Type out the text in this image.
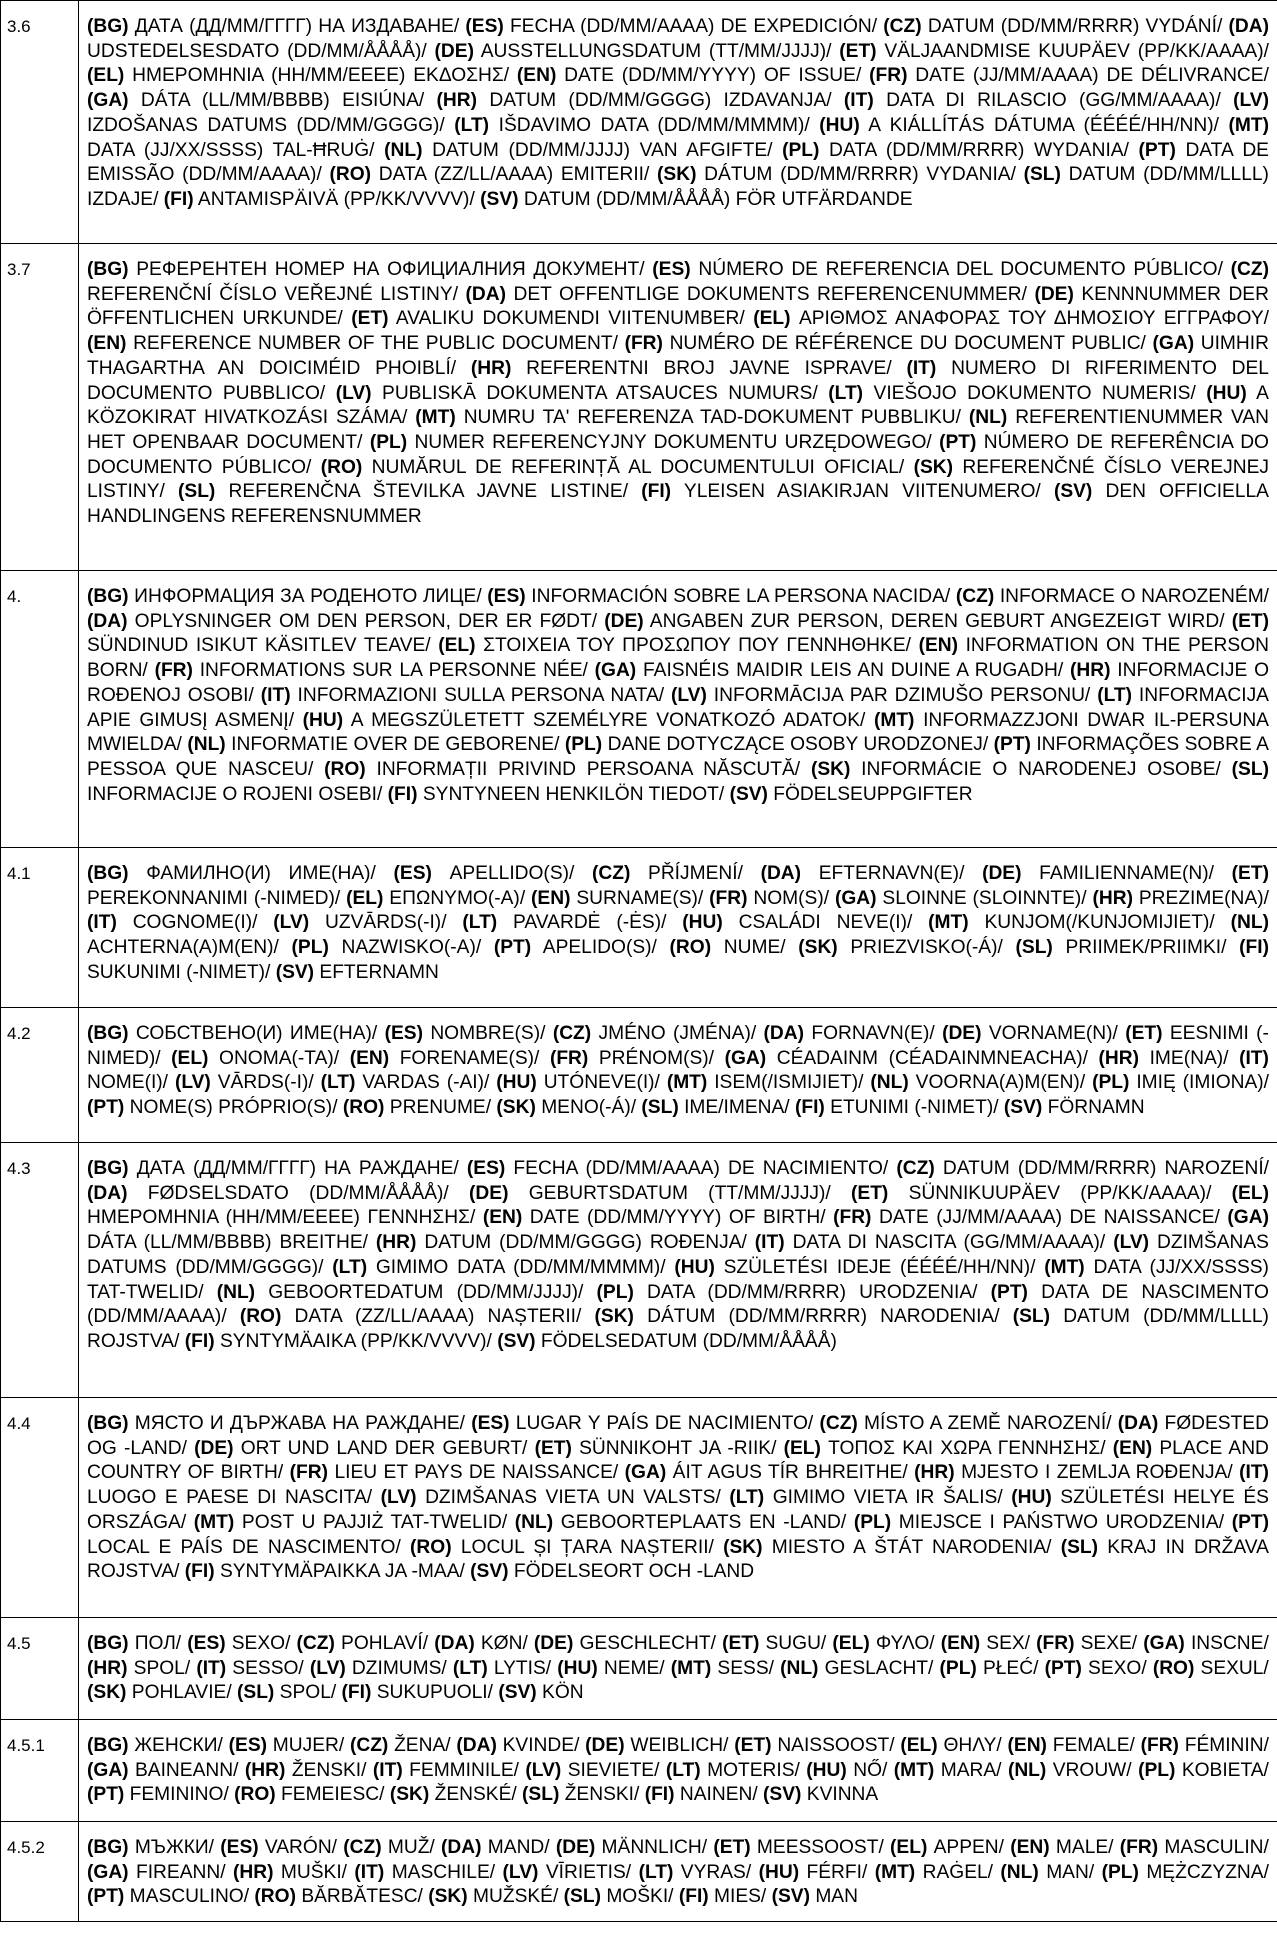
3.6	(BG) ДАТА (ДД/ММ/ГГГГ) НА ИЗДАВАНЕ/ (ES) FECHA (DD/MM/AAAA) DE EXPEDICIÓN/ (CZ) DATUM (DD/MM/RRRR) VYDÁNÍ/ (DA) UDSTEDELSESDATO (DD/MM/ÅÅÅÅ)/ (DE) AUSSTELLUNGSDATUM (TT/MM/JJJJ)/ (ET) VÄLJAANDMISE KUUPÄEV (PP/KK/AAAA)/ (EL) ΗΜΕΡΟΜΗΝΙΑ (ΗΗ/ΜΜ/ΕΕΕΕ) ΕΚΔΟΣΗΣ/ (EN) DATE (DD/MM/YYYY) OF ISSUE/ (FR) DATE (JJ/MM/AAAA) DE DÉLIVRANCE/ (GA) DÁTA (LL/MM/BBBB) EISIÚNA/ (HR) DATUM (DD/MM/GGGG) IZDAVANJA/ (IT) DATA DI RILASCIO (GG/MM/AAAA)/ (LV) IZDOŠANAS DATUMS (DD/MM/GGGG)/ (LT) IŠDAVIMO DATA (DD/MM/MMMM)/ (HU) A KIÁLLÍTÁS DÁTUMA (ÉÉÉÉ/HH/NN)/ (MT) DATA (JJ/XX/SSSS) TAL-ĦRUĠ/ (NL) DATUM (DD/MM/JJJJ) VAN AFGIFTE/ (PL) DATA (DD/MM/RRRR) WYDANIA/ (PT) DATA DE EMISSÃO (DD/MM/AAAA)/ (RO) DATA (ZZ/LL/AAAA) EMITERII/ (SK) DÁTUM (DD/MM/RRRR) VYDANIA/ (SL) DATUM (DD/MM/LLLL) IZDAJE/ (FI) ANTAMISPÄIVÄ (PP/KK/VVVV)/ (SV) DATUM (DD/MM/ÅÅÅÅ) FÖR UTFÄRDANDE
3.7	(BG) РЕФЕРЕНТЕН НОМЕР НА ОФИЦИАЛНИЯ ДОКУМЕНТ/ (ES) NÚMERO DE REFERENCIA DEL DOCUMENTO PÚBLICO/ (CZ) REFERENČNÍ ČÍSLO VEŘEJNÉ LISTINY/ (DA) DET OFFENTLIGE DOKUMENTS REFERENCENUMMER/ (DE) KENNNUMMER DER ÖFFENTLICHEN URKUNDE/ (ET) AVALIKU DOKUMENDI VIITENUMBER/ (EL) ΑΡΙΘΜΟΣ ΑΝΑΦΟΡΑΣ ΤΟΥ ΔΗΜΟΣΙΟΥ ΕΓΓΡΑΦΟΥ/ (EN) REFERENCE NUMBER OF THE PUBLIC DOCUMENT/ (FR) NUMÉRO DE RÉFÉRENCE DU DOCUMENT PUBLIC/ (GA) UIMHIR THAGARTHA AN DOICIMÉID PHOIBLÍ/ (HR) REFERENTNI BROJ JAVNE ISPRAVE/ (IT) NUMERO DI RIFERIMENTO DEL DOCUMENTO PUBBLICO/ (LV) PUBLISKĀ DOKUMENTA ATSAUCES NUMURS/ (LT) VIEŠOJO DOKUMENTO NUMERIS/ (HU) A KÖZOKIRAT HIVATKOZÁSI SZÁMA/ (MT) NUMRU TA' REFERENZA TAD-DOKUMENT PUBBLIKU/ (NL) REFERENTIENUMMER VAN HET OPENBAAR DOCUMENT/ (PL) NUMER REFERENCYJNY DOKUMENTU URZĘDOWEGO/ (PT) NÚMERO DE REFERÊNCIA DO DOCUMENTO PÚBLICO/ (RO) NUMĂRUL DE REFERINȚĂ AL DOCUMENTULUI OFICIAL/ (SK) REFERENČNÉ ČÍSLO VEREJNEJ LISTINY/ (SL) REFERENČNA ŠTEVILKA JAVNE LISTINE/ (FI) YLEISEN ASIAKIRJAN VIITENUMERO/ (SV) DEN OFFICIELLA HANDLINGENS REFERENSNUMMER
4.	(BG) ИНФОРМАЦИЯ ЗА РОДЕНОТО ЛИЦЕ/ (ES) INFORMACIÓN SOBRE LA PERSONA NACIDA/ (CZ) INFORMACE O NAROZENÉM/ (DA) OPLYSNINGER OM DEN PERSON, DER ER FØDT/ (DE) ANGABEN ZUR PERSON, DEREN GEBURT ANGEZEIGT WIRD/ (ET) SÜNDINUD ISIKUT KÄSITLEV TEAVE/ (EL) ΣΤΟΙΧΕΙΑ ΤΟΥ ΠΡΟΣΩΠΟΥ ΠΟΥ ΓΕΝΝΗΘΗΚΕ/ (EN) INFORMATION ON THE PERSON BORN/ (FR) INFORMATIONS SUR LA PERSONNE NÉE/ (GA) FAISNÉIS MAIDIR LEIS AN DUINE A RUGADH/ (HR) INFORMACIJE O ROĐENOJ OSOBI/ (IT) INFORMAZIONI SULLA PERSONA NATA/ (LV) INFORMĀCIJA PAR DZIMUŠO PERSONU/ (LT) INFORMACIJA APIE GIMUSĮ ASMENĮ/ (HU) A MEGSZÜLETETT SZEMÉLYRE VONATKOZÓ ADATOK/ (MT) INFORMAZZJONI DWAR IL-PERSUNA MWIELDA/ (NL) INFORMATIE OVER DE GEBORENE/ (PL) DANE DOTYCZĄCE OSOBY URODZONEJ/ (PT) INFORMAÇÕES SOBRE A PESSOA QUE NASCEU/ (RO) INFORMAȚII PRIVIND PERSOANA NĂSCUTĂ/ (SK) INFORMÁCIE O NARODENEJ OSOBE/ (SL) INFORMACIJE O ROJENI OSEBI/ (FI) SYNTYNEEN HENKILÖN TIEDOT/ (SV) FÖDELSEUPPGIFTER
4.1	(BG) ФАМИЛНО(И) ИМЕ(НА)/ (ES) APELLIDO(S)/ (CZ) PŘÍJMENÍ/ (DA) EFTERNAVN(E)/ (DE) FAMILIENNAME(N)/ (ET) PEREKONNANIMI (-NIMED)/ (EL) ΕΠΩΝΥΜΟ(-Α)/ (EN) SURNAME(S)/ (FR) NOM(S)/ (GA) SLOINNE (SLOINNTE)/ (HR) PREZIME(NA)/ (IT) COGNOME(I)/ (LV) UZVĀRDS(-I)/ (LT) PAVARDĖ (-ĖS)/ (HU) CSALÁDI NEVE(I)/ (MT) KUNJOM(/KUNJOMIJIET)/ (NL) ACHTERNA(A)M(EN)/ (PL) NAZWISKO(-A)/ (PT) APELIDO(S)/ (RO) NUME/ (SK) PRIEZVISKO(-Á)/ (SL) PRIIMEK/PRIIMKI/ (FI) SUKUNIMI (-NIMET)/ (SV) EFTERNAMN
4.2	(BG) СОБСТВЕНО(И) ИМЕ(НА)/ (ES) NOMBRE(S)/ (CZ) JMÉNO (JMÉNA)/ (DA) FORNAVN(E)/ (DE) VORNAME(N)/ (ET) EESNIMI (-NIMED)/ (EL) ΟΝΟΜΑ(-ΤΑ)/ (EN) FORENAME(S)/ (FR) PRÉNOM(S)/ (GA) CÉADAINM (CÉADAINMNEACHA)/ (HR) IME(NA)/ (IT) NOME(I)/ (LV) VĀRDS(-I)/ (LT) VARDAS (-AI)/ (HU) UTÓNEVE(I)/ (MT) ISEM(/ISMIJIET)/ (NL) VOORNA(A)M(EN)/ (PL) IMIĘ (IMIONA)/ (PT) NOME(S) PRÓPRIO(S)/ (RO) PRENUME/ (SK) MENO(-Á)/ (SL) IME/IMENA/ (FI) ETUNIMI (-NIMET)/ (SV) FÖRNAMN
4.3	(BG) ДАТА (ДД/ММ/ГГГГ) НА РАЖДАНЕ/ (ES) FECHA (DD/MM/AAAA) DE NACIMIENTO/ (CZ) DATUM (DD/MM/RRRR) NAROZENÍ/ (DA) FØDSELSDATO (DD/MM/ÅÅÅÅ)/ (DE) GEBURTSDATUM (TT/MM/JJJJ)/ (ET) SÜNNIKUUPÄEV (PP/KK/AAAA)/ (EL) ΗΜΕΡΟΜΗΝΙΑ (ΗΗ/ΜΜ/ΕΕΕΕ) ΓΕΝΝΗΣΗΣ/ (EN) DATE (DD/MM/YYYY) OF BIRTH/ (FR) DATE (JJ/MM/AAAA) DE NAISSANCE/ (GA) DÁTA (LL/MM/BBBB) BREITHE/ (HR) DATUM (DD/MM/GGGG) ROĐENJA/ (IT) DATA DI NASCITA (GG/MM/AAAA)/ (LV) DZIMŠANAS DATUMS (DD/MM/GGGG)/ (LT) GIMIMO DATA (DD/MM/MMMM)/ (HU) SZÜLETÉSI IDEJE (ÉÉÉÉ/HH/NN)/ (MT) DATA (JJ/XX/SSSS) TAT-TWELID/ (NL) GEBOORTEDATUM (DD/MM/JJJJ)/ (PL) DATA (DD/MM/RRRR) URODZENIA/ (PT) DATA DE NASCIMENTO (DD/MM/AAAA)/ (RO) DATA (ZZ/LL/AAAA) NAȘTERII/ (SK) DÁTUM (DD/MM/RRRR) NARODENIA/ (SL) DATUM (DD/MM/LLLL) ROJSTVA/ (FI) SYNTYMÄAIKA (PP/KK/VVVV)/ (SV) FÖDELSEDATUM (DD/MM/ÅÅÅÅ)
4.4	(BG) МЯСТО И ДЪРЖАВА НА РАЖДАНЕ/ (ES) LUGAR Y PAÍS DE NACIMIENTO/ (CZ) MÍSTO A ZEMĚ NAROZENÍ/ (DA) FØDESTED OG -LAND/ (DE) ORT UND LAND DER GEBURT/ (ET) SÜNNIKOHT JA -RIIK/ (EL) ΤΟΠΟΣ ΚΑΙ ΧΩΡΑ ΓΕΝΝΗΣΗΣ/ (EN) PLACE AND COUNTRY OF BIRTH/ (FR) LIEU ET PAYS DE NAISSANCE/ (GA) ÁIT AGUS TÍR BHREITHE/ (HR) MJESTO I ZEMLJA ROĐENJA/ (IT) LUOGO E PAESE DI NASCITA/ (LV) DZIMŠANAS VIETA UN VALSTS/ (LT) GIMIMO VIETA IR ŠALIS/ (HU) SZÜLETÉSI HELYE ÉS ORSZÁGA/ (MT) POST U PAJJIŻ TAT-TWELID/ (NL) GEBOORTEPLAATS EN -LAND/ (PL) MIEJSCE I PAŃSTWO URODZENIA/ (PT) LOCAL E PAÍS DE NASCIMENTO/ (RO) LOCUL ȘI ȚARA NAȘTERII/ (SK) MIESTO A ŠTÁT NARODENIA/ (SL) KRAJ IN DRŽAVA ROJSTVA/ (FI) SYNTYMÄPAIKKA JA -MAA/ (SV) FÖDELSEORT OCH -LAND
4.5	(BG) ПОЛ/ (ES) SEXO/ (CZ) POHLAVÍ/ (DA) KØN/ (DE) GESCHLECHT/ (ET) SUGU/ (EL) ΦΥΛΟ/ (EN) SEX/ (FR) SEXE/ (GA) INSCNE/ (HR) SPOL/ (IT) SESSO/ (LV) DZIMUMS/ (LT) LYTIS/ (HU) NEME/ (MT) SESS/ (NL) GESLACHT/ (PL) PŁEĆ/ (PT) SEXO/ (RO) SEXUL/ (SK) POHLAVIE/ (SL) SPOL/ (FI) SUKUPUOLI/ (SV) KÖN
4.5.1	(BG) ЖЕНСКИ/ (ES) MUJER/ (CZ) ŽENA/ (DA) KVINDE/ (DE) WEIBLICH/ (ET) NAISSOOST/ (EL) ΘΗΛΥ/ (EN) FEMALE/ (FR) FÉMININ/ (GA) BAINEANN/ (HR) ŽENSKI/ (IT) FEMMINILE/ (LV) SIEVIETE/ (LT) MOTERIS/ (HU) NŐ/ (MT) MARA/ (NL) VROUW/ (PL) KOBIETA/ (PT) FEMININO/ (RO) FEMEIESC/ (SK) ŽENSKÉ/ (SL) ŽENSKI/ (FI) NAINEN/ (SV) KVINNA
4.5.2	(BG) МЪЖКИ/ (ES) VARÓN/ (CZ) MUŽ/ (DA) MAND/ (DE) MÄNNLICH/ (ET) MEESSOOST/ (EL) ΑΡΡΕΝ/ (EN) MALE/ (FR) MASCULIN/ (GA) FIREANN/ (HR) MUŠKI/ (IT) MASCHILE/ (LV) VĪRIETIS/ (LT) VYRAS/ (HU) FÉRFI/ (MT) RAĠEL/ (NL) MAN/ (PL) MĘŻCZYZNA/ (PT) MASCULINO/ (RO) BĂRBĂTESC/ (SK) MUŽSKÉ/ (SL) MOŠKI/ (FI) MIES/ (SV) MAN
